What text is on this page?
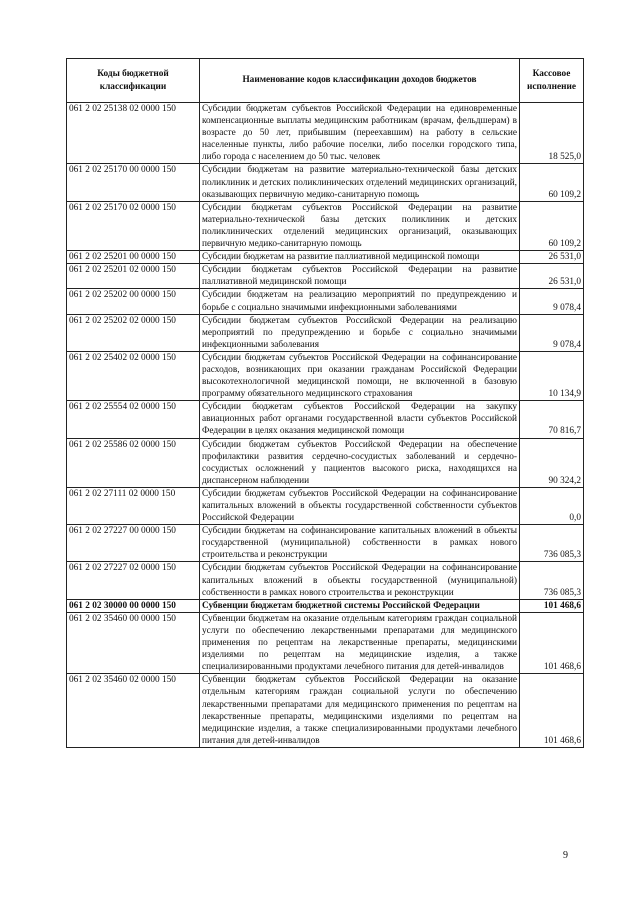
Коды бюджетной классификации	Наименование кодов классификации доходов бюджетов	Кассовое исполнение
061 2 02 25138 02 0000 150	Субсидии бюджетам субъектов Российской Федерации на единовременные компенсационные выплаты медицинским работникам (врачам, фельдшерам) в возрасте до 50 лет, прибывшим (переехавшим) на работу в сельские населенные пункты, либо рабочие поселки, либо поселки городского типа, либо города с населением до 50 тыс. человек	18 525,0
061 2 02 25170 00 0000 150	Субсидии бюджетам на развитие материально-технической базы детских поликлиник и детских поликлинических отделений медицинских организаций, оказывающих первичную медико-санитарную помощь	60 109,2
061 2 02 25170 02 0000 150	Субсидии бюджетам субъектов Российской Федерации на развитие материально-технической базы детских поликлиник и детских поликлинических отделений медицинских организаций, оказывающих первичную медико-санитарную помощь	60 109,2
061 2 02 25201 00 0000 150	Субсидии бюджетам на развитие паллиативной медицинской помощи	26 531,0
061 2 02 25201 02 0000 150	Субсидии бюджетам субъектов Российской Федерации на развитие паллиативной медицинской помощи	26 531,0
061 2 02 25202 00 0000 150	Субсидии бюджетам на реализацию мероприятий по предупреждению и борьбе с социально значимыми инфекционными заболеваниями	9 078,4
061 2 02 25202 02 0000 150	Субсидии бюджетам субъектов Российской Федерации на реализацию мероприятий по предупреждению и борьбе с социально значимыми инфекционными заболевания	9 078,4
061 2 02 25402 02 0000 150	Субсидии бюджетам субъектов Российской Федерации на софинансирование расходов, возникающих при оказании гражданам Российской Федерации высокотехнологичной медицинской помощи, не включенной в базовую программу обязательного медицинского страхования	10 134,9
061 2 02 25554 02 0000 150	Субсидии бюджетам субъектов Российской Федерации на закупку авиационных работ органами государственной власти субъектов Российской Федерации в целях оказания медицинской помощи	70 816,7
061 2 02 25586 02 0000 150	Субсидии бюджетам субъектов Российской Федерации на обеспечение профилактики развития сердечно-сосудистых заболеваний и сердечно-сосудистых осложнений у пациентов высокого риска, находящихся на диспансерном наблюдении	90 324,2
061 2 02 27111 02 0000 150	Субсидии бюджетам субъектов Российской Федерации на софинансирование капитальных вложений в объекты государственной собственности субъектов Российской Федерации	0,0
061 2 02 27227 00 0000 150	Субсидии бюджетам на софинансирование капитальных вложений в объекты государственной (муниципальной) собственности в рамках нового строительства и реконструкции	736 085,3
061 2 02 27227 02 0000 150	Субсидии бюджетам субъектов Российской Федерации на софинансирование капитальных вложений в объекты государственной (муниципальной) собственности в рамках нового строительства и реконструкции	736 085,3
061 2 02 30000 00 0000 150	Субвенции бюджетам бюджетной системы Российской Федерации	101 468,6
061 2 02 35460 00 0000 150	Субвенции бюджетам на оказание отдельным категориям граждан социальной услуги по обеспечению лекарственными препаратами для медицинского применения по рецептам на лекарственные препараты, медицинскими изделиями по рецептам на медицинские изделия, а также специализированными продуктами лечебного питания для детей-инвалидов	101 468,6
061 2 02 35460 02 0000 150	Субвенции бюджетам субъектов Российской Федерации на оказание отдельным категориям граждан социальной услуги по обеспечению лекарственными препаратами для медицинского применения по рецептам на лекарственные препараты, медицинскими изделиями по рецептам на медицинские изделия, а также специализированными продуктами лечебного питания для детей-инвалидов	101 468,6
9
